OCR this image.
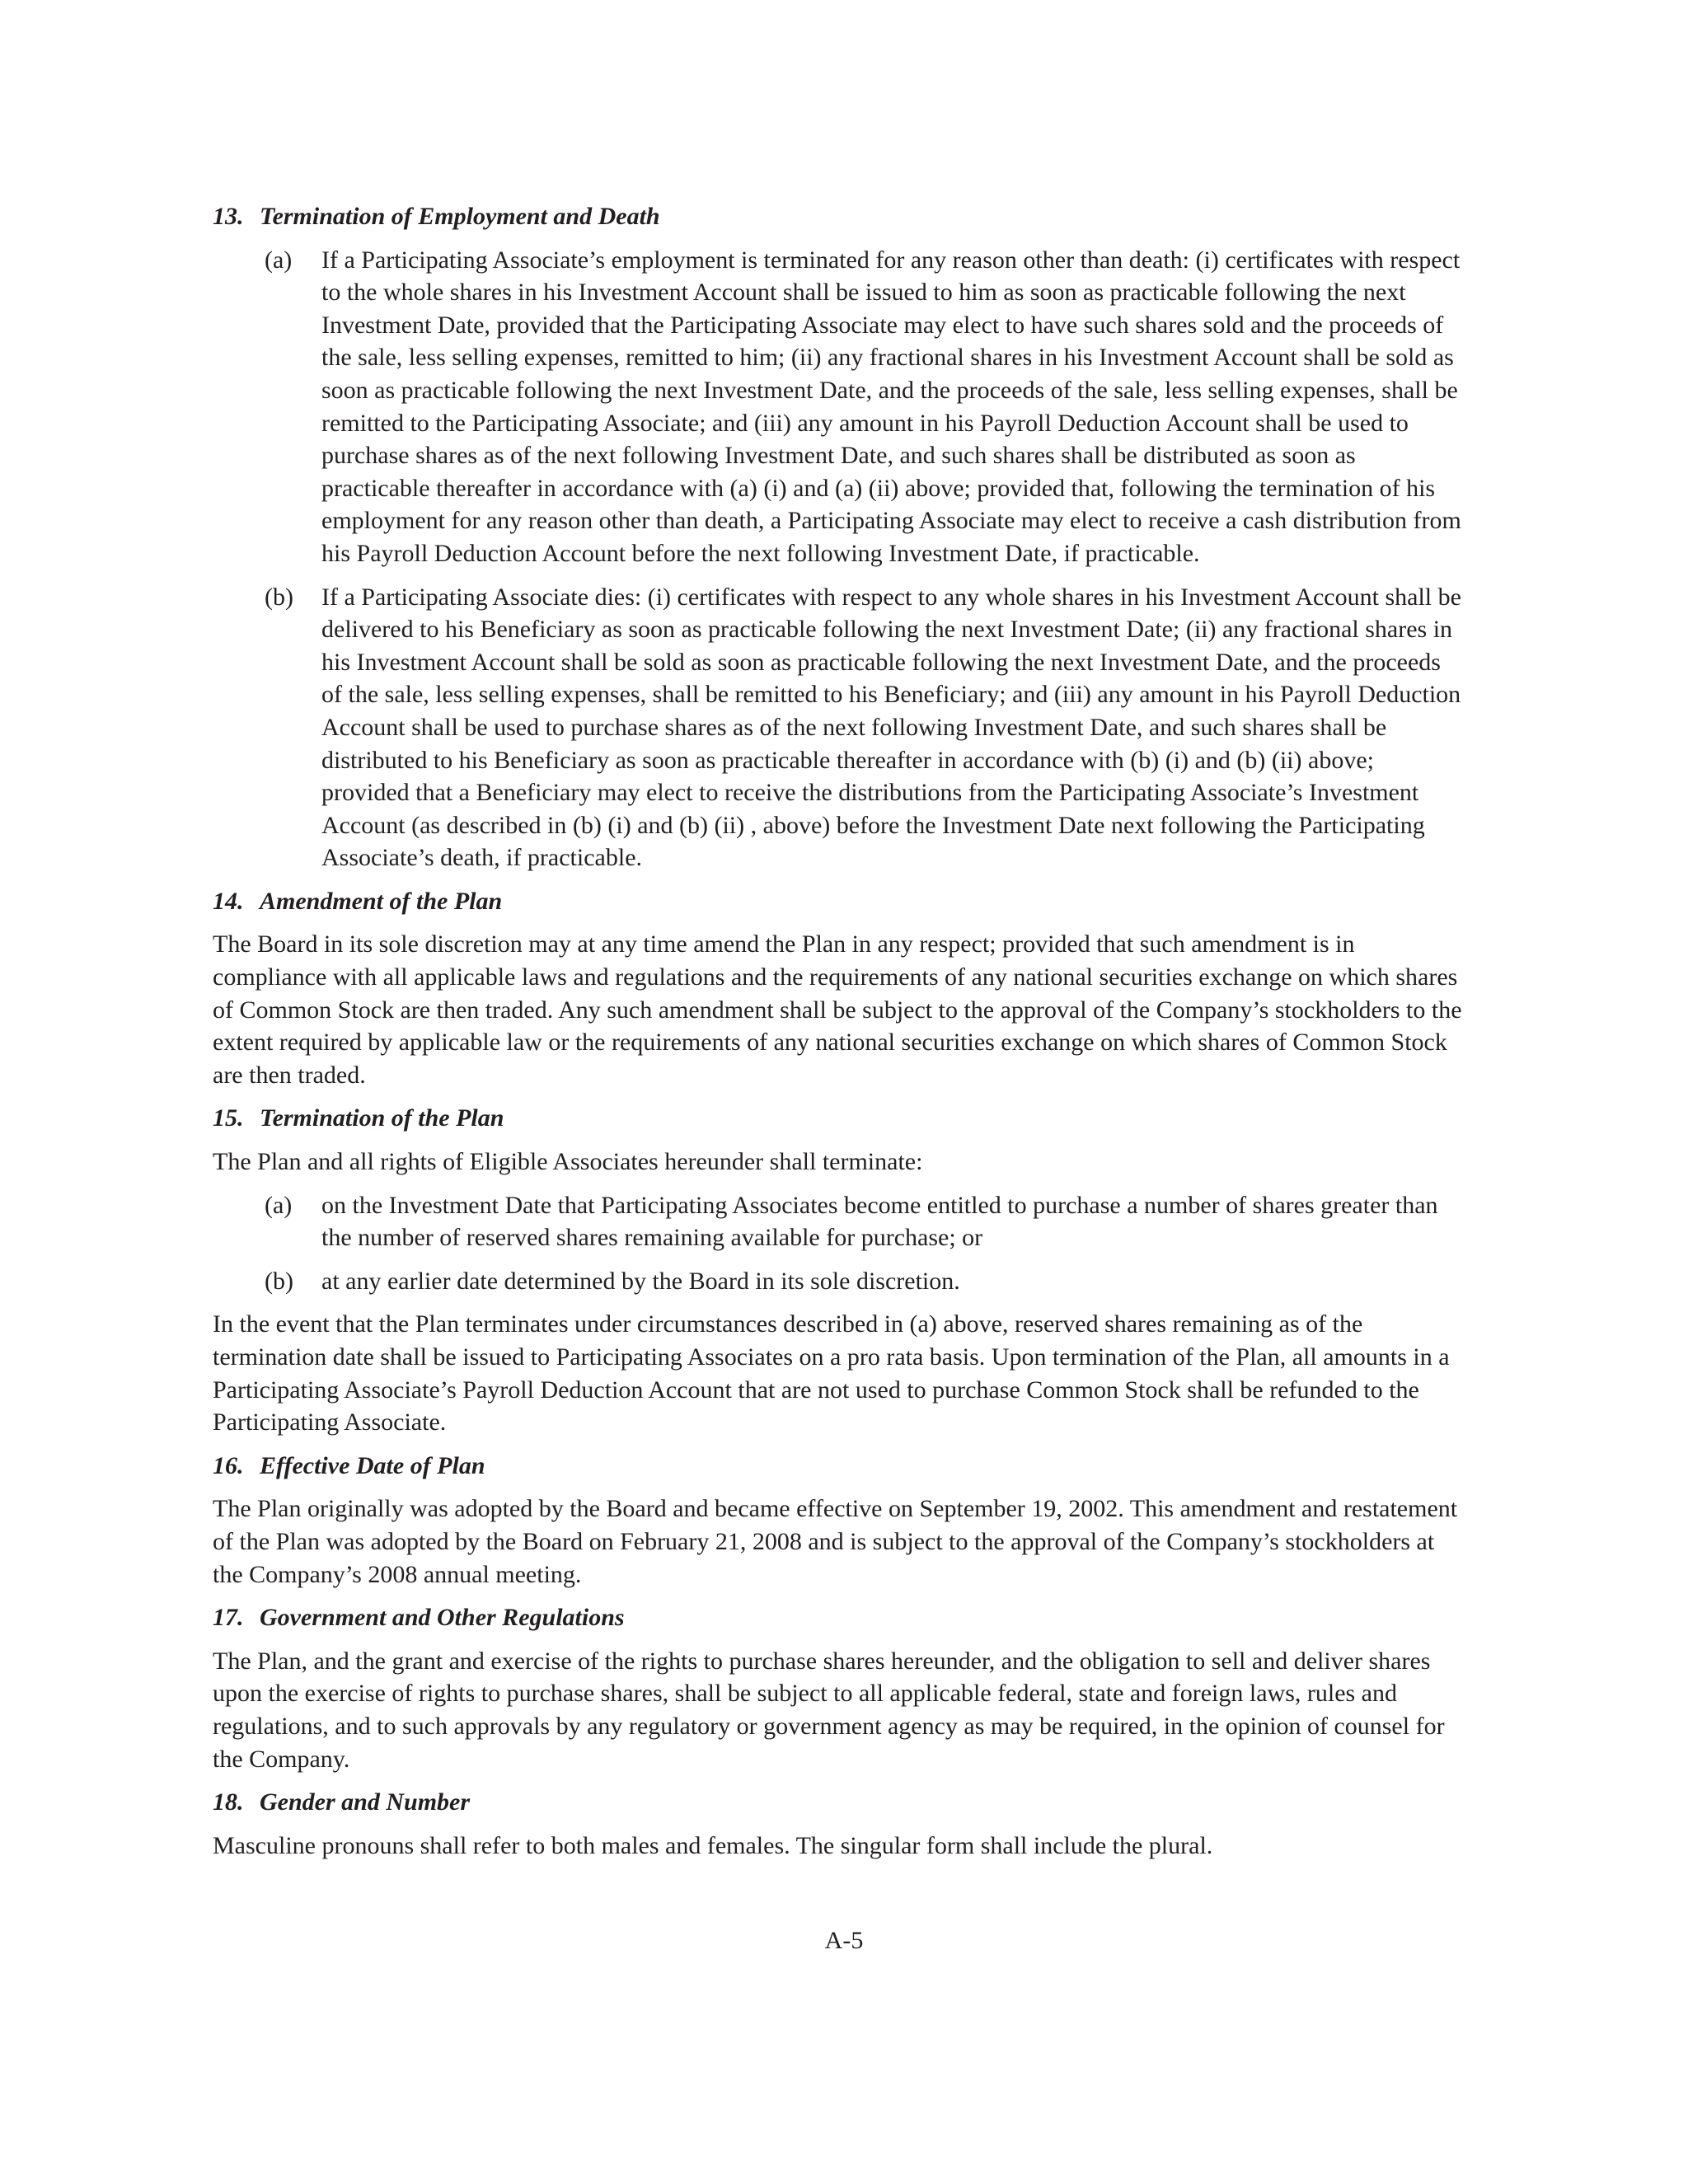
13. Termination of Employment and Death
(a) If a Participating Associate’s employment is terminated for any reason other than death: (i) certificates with respect to the whole shares in his Investment Account shall be issued to him as soon as practicable following the next Investment Date, provided that the Participating Associate may elect to have such shares sold and the proceeds of the sale, less selling expenses, remitted to him; (ii) any fractional shares in his Investment Account shall be sold as soon as practicable following the next Investment Date, and the proceeds of the sale, less selling expenses, shall be remitted to the Participating Associate; and (iii) any amount in his Payroll Deduction Account shall be used to purchase shares as of the next following Investment Date, and such shares shall be distributed as soon as practicable thereafter in accordance with (a) (i) and (a) (ii) above; provided that, following the termination of his employment for any reason other than death, a Participating Associate may elect to receive a cash distribution from his Payroll Deduction Account before the next following Investment Date, if practicable.
(b) If a Participating Associate dies: (i) certificates with respect to any whole shares in his Investment Account shall be delivered to his Beneficiary as soon as practicable following the next Investment Date; (ii) any fractional shares in his Investment Account shall be sold as soon as practicable following the next Investment Date, and the proceeds of the sale, less selling expenses, shall be remitted to his Beneficiary; and (iii) any amount in his Payroll Deduction Account shall be used to purchase shares as of the next following Investment Date, and such shares shall be distributed to his Beneficiary as soon as practicable thereafter in accordance with (b) (i) and (b) (ii) above; provided that a Beneficiary may elect to receive the distributions from the Participating Associate’s Investment Account (as described in (b) (i) and (b) (ii) , above) before the Investment Date next following the Participating Associate’s death, if practicable.
14. Amendment of the Plan
The Board in its sole discretion may at any time amend the Plan in any respect; provided that such amendment is in compliance with all applicable laws and regulations and the requirements of any national securities exchange on which shares of Common Stock are then traded. Any such amendment shall be subject to the approval of the Company’s stockholders to the extent required by applicable law or the requirements of any national securities exchange on which shares of Common Stock are then traded.
15. Termination of the Plan
The Plan and all rights of Eligible Associates hereunder shall terminate:
(a) on the Investment Date that Participating Associates become entitled to purchase a number of shares greater than the number of reserved shares remaining available for purchase; or
(b) at any earlier date determined by the Board in its sole discretion.
In the event that the Plan terminates under circumstances described in (a) above, reserved shares remaining as of the termination date shall be issued to Participating Associates on a pro rata basis. Upon termination of the Plan, all amounts in a Participating Associate’s Payroll Deduction Account that are not used to purchase Common Stock shall be refunded to the Participating Associate.
16. Effective Date of Plan
The Plan originally was adopted by the Board and became effective on September 19, 2002. This amendment and restatement of the Plan was adopted by the Board on February 21, 2008 and is subject to the approval of the Company’s stockholders at the Company’s 2008 annual meeting.
17. Government and Other Regulations
The Plan, and the grant and exercise of the rights to purchase shares hereunder, and the obligation to sell and deliver shares upon the exercise of rights to purchase shares, shall be subject to all applicable federal, state and foreign laws, rules and regulations, and to such approvals by any regulatory or government agency as may be required, in the opinion of counsel for the Company.
18. Gender and Number
Masculine pronouns shall refer to both males and females. The singular form shall include the plural.
A-5
